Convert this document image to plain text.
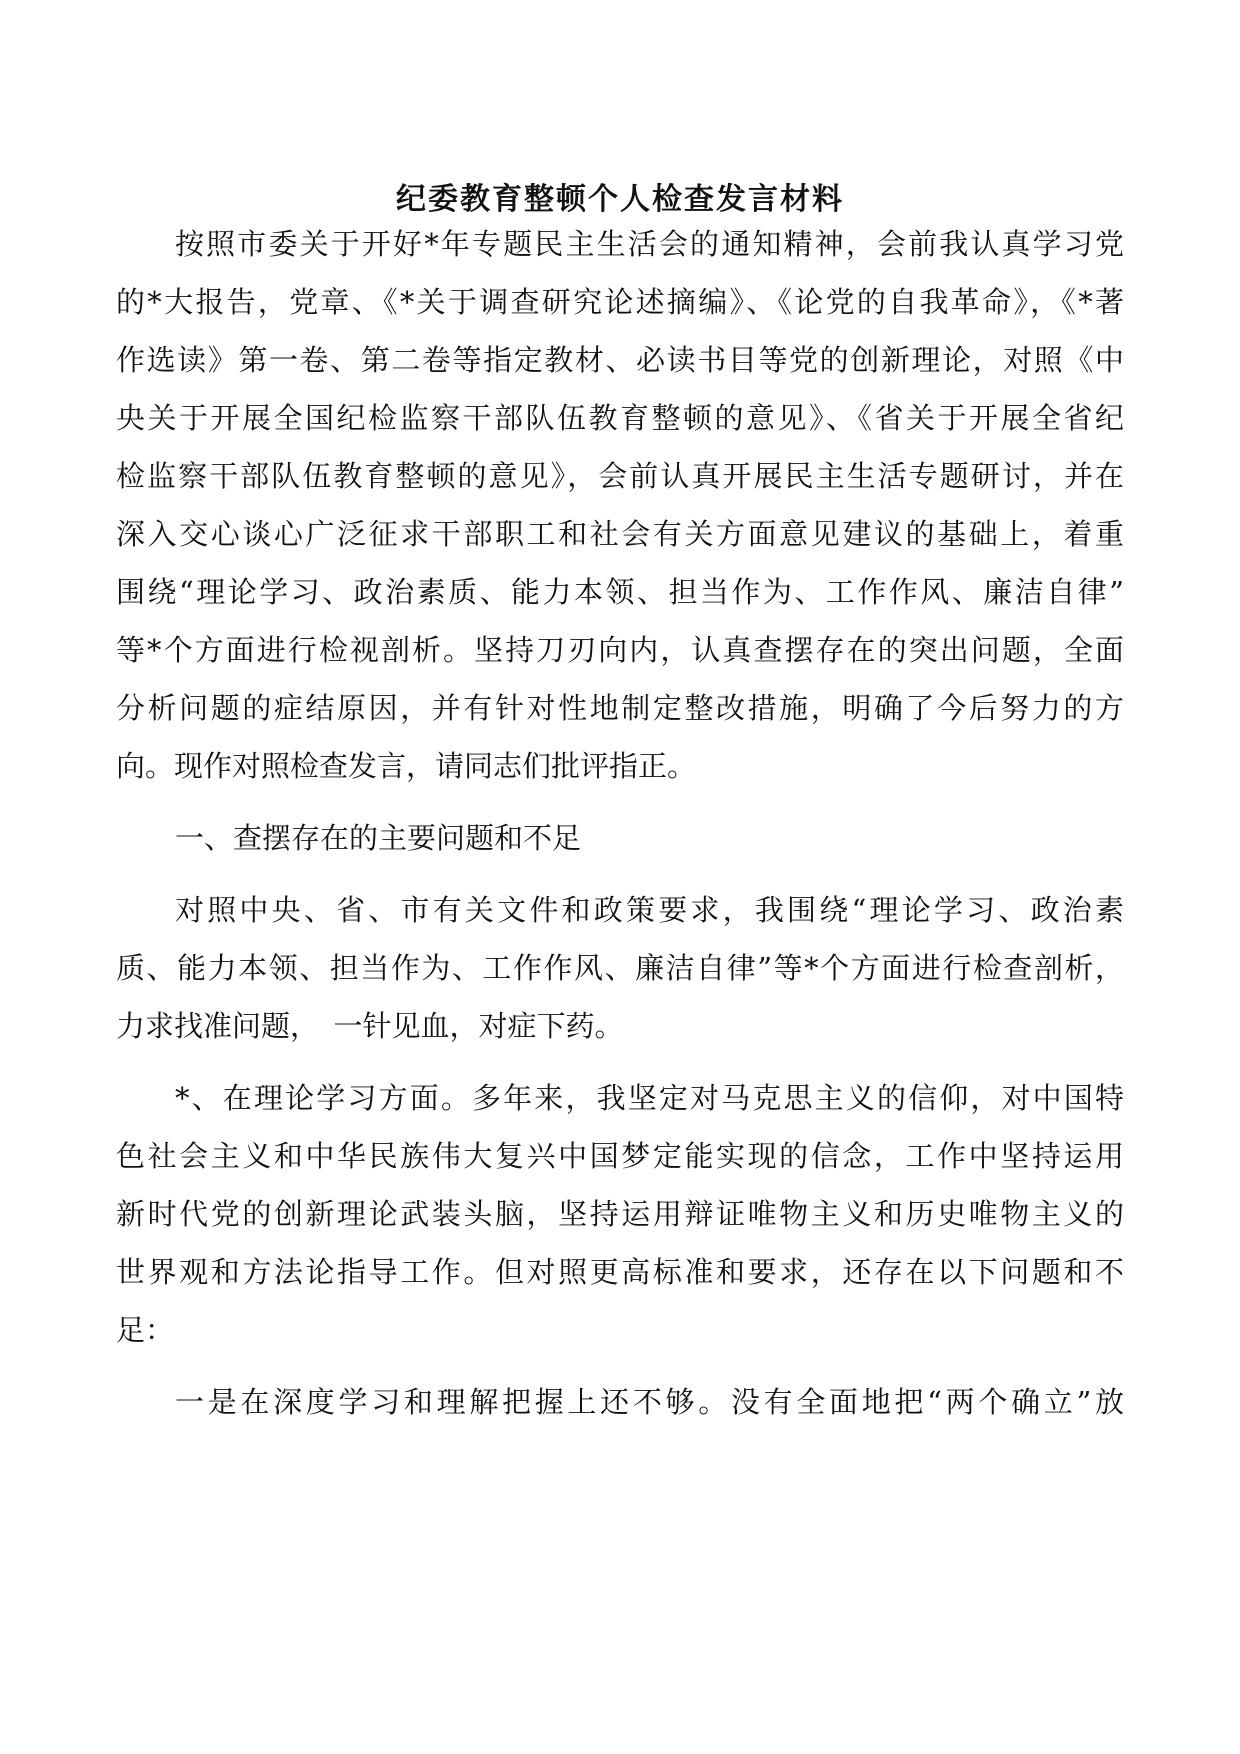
纪委教育整顿个人检查发言材料
按照市委关于开好*年专题民主生活会的通知精神，会前我认真学习党
的*大报告，党章、《*关于调查研究论述摘编》、《论党的自我革命》，《*著
作选读》第一卷、第二卷等指定教材、必读书目等党的创新理论，对照《中
央关于开展全国纪检监察干部队伍教育整顿的意见》、《省关于开展全省纪
检监察干部队伍教育整顿的意见》，会前认真开展民主生活专题研讨，并在
深入交心谈心广泛征求干部职工和社会有关方面意见建议的基础上，着重
围绕“理论学习、政治素质、能力本领、担当作为、工作作风、廉洁自律”
等*个方面进行检视剖析。坚持刀刃向内，认真查摆存在的突出问题，全面
分析问题的症结原因，并有针对性地制定整改措施，明确了今后努力的方
向。现作对照检查发言，请同志们批评指正。
一、查摆存在的主要问题和不足
对照中央、省、市有关文件和政策要求，我围绕“理论学习、政治素
质、能力本领、担当作为、工作作风、廉洁自律”等*个方面进行检查剖析，
力求找准问题，　一针见血，对症下药。
*、在理论学习方面。多年来，我坚定对马克思主义的信仰，对中国特
色社会主义和中华民族伟大复兴中国梦定能实现的信念，工作中坚持运用
新时代党的创新理论武装头脑，坚持运用辩证唯物主义和历史唯物主义的
世界观和方法论指导工作。但对照更高标准和要求，还存在以下问题和不
足：
一是在深度学习和理解把握上还不够。没有全面地把“两个确立”放
